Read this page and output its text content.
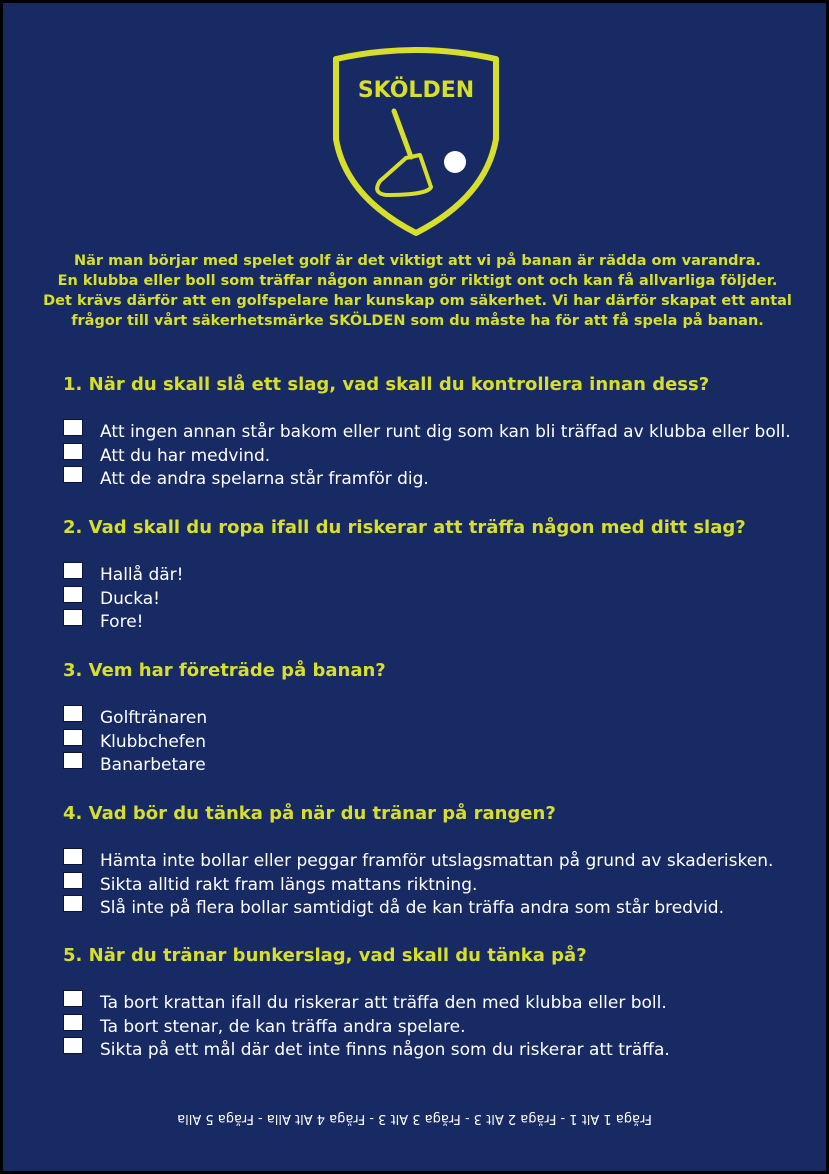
SKÖLDEN
När man börjar med spelet golf är det viktigt att vi på banan är rädda om varandra.
En klubba eller boll som träffar någon annan gör riktigt ont och kan få allvarliga följder.
Det krävs därför att en golfspelare har kunskap om säkerhet. Vi har därför skapat ett antal
frågor till vårt säkerhetsmärke SKÖLDEN som du måste ha för att få spela på banan.
1. När du skall slå ett slag, vad skall du kontrollera innan dess?
Att ingen annan står bakom eller runt dig som kan bli träffad av klubba eller boll.
Att du har medvind.
Att de andra spelarna står framför dig.
2. Vad skall du ropa ifall du riskerar att träffa någon med ditt slag?
Hallå där!
Ducka!
Fore!
3. Vem har företräde på banan?
Golftränaren
Klubbchefen
Banarbetare
4. Vad bör du tänka på när du tränar på rangen?
Hämta inte bollar eller peggar framför utslagsmattan på grund av skaderisken.
Sikta alltid rakt fram längs mattans riktning.
Slå inte på flera bollar samtidigt då de kan träffa andra som står bredvid.
5. När du tränar bunkerslag, vad skall du tänka på?
Ta bort krattan ifall du riskerar att träffa den med klubba eller boll.
Ta bort stenar, de kan träffa andra spelare.
Sikta på ett mål där det inte finns någon som du riskerar att träffa.
Fråga 1 Alt 1 - Fråga 2 Alt 3 - Fråga 3 Alt 3 - Fråga 4 Alt Alla - Fråga 5 Alla
